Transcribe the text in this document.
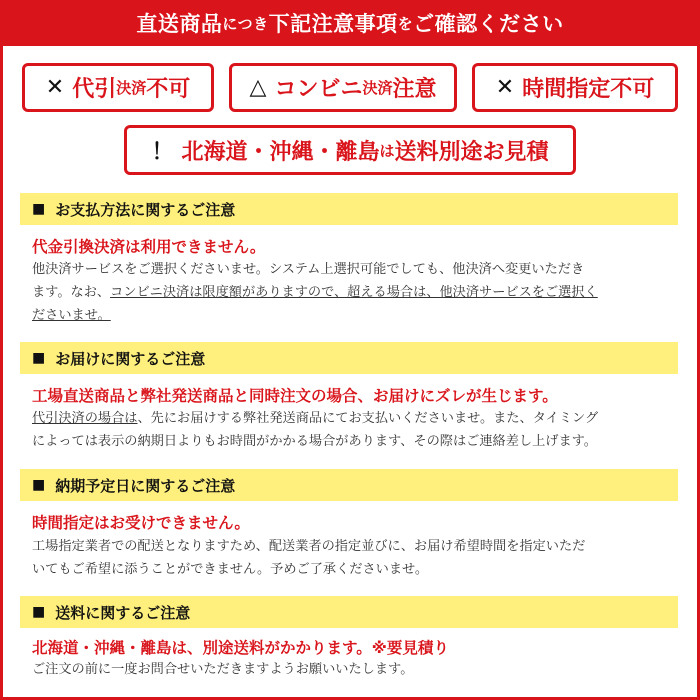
直送商品 につき 下記注意事項 を ご確認ください
✕ 代引 決済 不可	△ コンビニ 決済 注意	✕ 時間指定不可
！ 北海道・沖縄・離島 は 送料別途お見積
■ お支払方法に関するご注意
代金引換決済は利用できません。
他決済サービスをご選択くださいませ。システム上選択可能でしても、他決済へ変更いただき
ます。なお、コンビニ決済は限度額がありますので、超える場合は、他決済サービスをご選択く
ださいませ。
■ お届けに関するご注意
工場直送商品と弊社発送商品と同時注文の場合、お届けにズレが生じます。
代引決済の場合は、先にお届けする弊社発送商品にてお支払いくださいませ。また、タイミング
によっては表示の納期日よりもお時間がかかる場合があります、その際はご連絡差し上げます。
■ 納期予定日に関するご注意
時間指定はお受けできません。
工場指定業者での配送となりますため、配送業者の指定並びに、お届け希望時間を指定いただ
いてもご希望に添うことができません。予めご了承くださいませ。
■ 送料に関するご注意
北海道・沖縄・離島は、別途送料がかかります。※要見積り
ご注文の前に一度お問合せいただきますようお願いいたします。
